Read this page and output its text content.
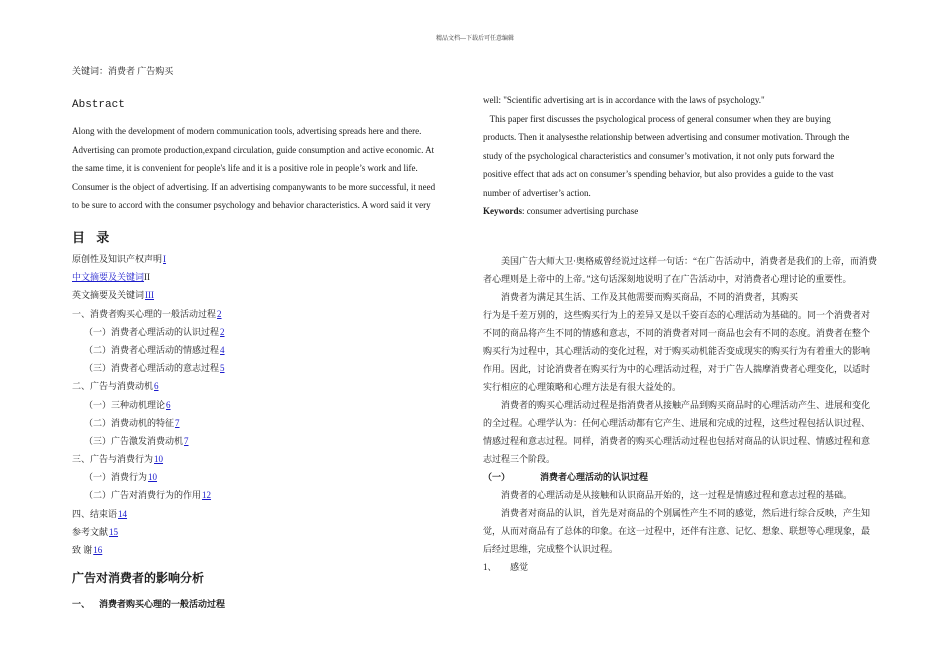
精品文档---下载后可任意编辑
关键词：消费者 广告购买
Abstract
Along with the development of modern communication tools, advertising spreads here and there.
Advertising can promote production,expand circulation, guide consumption and active economic. At
the same time, it is convenient for people's life and it is a positive role in people’s work and life.
Consumer is the object of advertising. If an advertising companywants to be more successful, it need
to be sure to accord with the consumer psychology and behavior characteristics. A word said it very
目 录
原创性及知识产权声明I
中文摘要及关键词II
英文摘要及关键词III
一、消费者购买心理的一般活动过程2
（一）消费者心理活动的认识过程2
（二）消费者心理活动的情感过程4
（三）消费者心理活动的意志过程5
二、广告与消费动机6
（一）三种动机理论6
（二）消费动机的特征7
（三）广告激发消费动机7
三、广告与消费行为10
（一）消费行为10
（二）广告对消费行为的作用12
四、结束语14
参考文献15
致 谢16
广告对消费者的影响分析
一、    消费者购买心理的一般活动过程
well: "Scientific advertising art is in accordance with the laws of psychology."
This paper first discusses the psychological process of general consumer when they are buying
products. Then it analysesthe relationship between advertising and consumer motivation. Through the
study of the psychological characteristics and consumer’s motivation, it not only puts forward the
positive effect that ads act on consumer’s spending behavior, but also provides a guide to the vast
number of advertiser’s action.
Keywords: consumer advertising purchase

美国广告大师大卫·奥格威曾经说过这样一句话：“在广告活动中，消费者是我们的上帝，而消费者心理则是上帝中的上帝。”这句话深刻地说明了在广告活动中，对消费者心理讨论的重要性。

消费者为满足其生活、工作及其他需要而购买商品，不同的消费者，其购买

行为是千差万别的，这些购买行为上的差异又是以千姿百态的心理活动为基础的。同一个消费者对不同的商品将产生不同的情感和意志，不同的消费者对同一商品也会有不同的态度。消费者在整个购买行为过程中，其心理活动的变化过程，对于购买动机能否变成现实的购买行为有着重大的影响作用。因此，讨论消费者在购买行为中的心理活动过程，对于广告人揣摩消费者心理变化，以适时实行相应的心理策略和心理方法是有很大益处的。

消费者的购买心理活动过程是指消费者从接触产品到购买商品时的心理活动产生、进展和变化的全过程。心理学认为：任何心理活动都有它产生、进展和完成的过程，这些过程包括认识过程、情感过程和意志过程。同样，消费者的购买心理活动过程也包括对商品的认识过程、情感过程和意志过程三个阶段。

（一）	消费者心理活动的认识过程

消费者的心理活动是从接触和认识商品开始的，这一过程是情感过程和意志过程的基础。

消费者对商品的认识，首先是对商品的个别属性产生不同的感觉，然后进行综合反映，产生知觉，从而对商品有了总体的印象。在这一过程中，还伴有注意、记忆、想象、联想等心理现象，最后经过思维，完成整个认识过程。

1、 感觉
